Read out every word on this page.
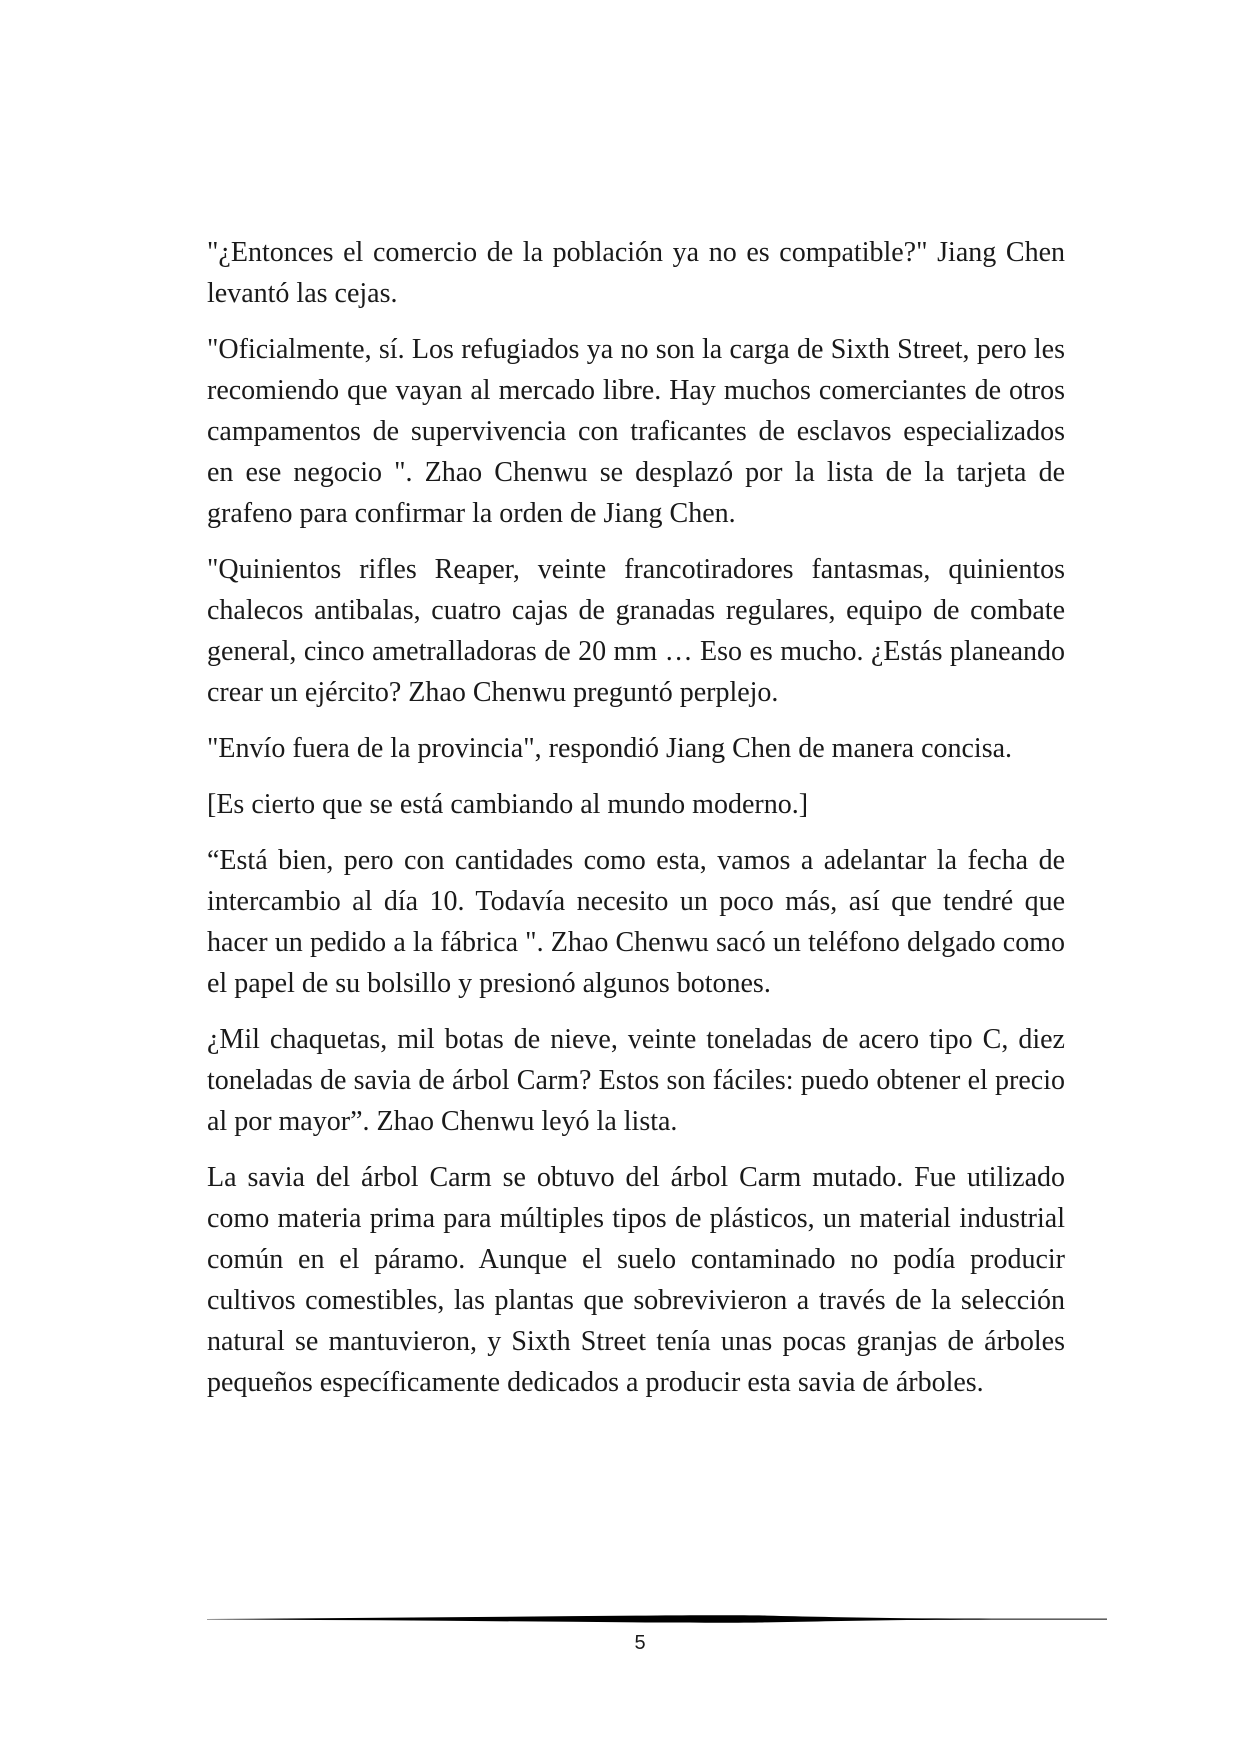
"¿Entonces el comercio de la población ya no es compatible?" Jiang Chen levantó las cejas.

"Oficialmente, sí. Los refugiados ya no son la carga de Sixth Street, pero les recomiendo que vayan al mercado libre. Hay muchos comerciantes de otros campamentos de supervivencia con traficantes de esclavos especializados en ese negocio ". Zhao Chenwu se desplazó por la lista de la tarjeta de grafeno para confirmar la orden de Jiang Chen.

"Quinientos rifles Reaper, veinte francotiradores fantasmas, quinientos chalecos antibalas, cuatro cajas de granadas regulares, equipo de combate general, cinco ametralladoras de 20 mm … Eso es mucho. ¿Estás planeando crear un ejército? Zhao Chenwu preguntó perplejo.

"Envío fuera de la provincia", respondió Jiang Chen de manera concisa.

[Es cierto que se está cambiando al mundo moderno.]

“Está bien, pero con cantidades como esta, vamos a adelantar la fecha de intercambio al día 10. Todavía necesito un poco más, así que tendré que hacer un pedido a la fábrica ". Zhao Chenwu sacó un teléfono delgado como el papel de su bolsillo y presionó algunos botones.

¿Mil chaquetas, mil botas de nieve, veinte toneladas de acero tipo C, diez toneladas de savia de árbol Carm? Estos son fáciles: puedo obtener el precio al por mayor”. Zhao Chenwu leyó la lista.

La savia del árbol Carm se obtuvo del árbol Carm mutado. Fue utilizado como materia prima para múltiples tipos de plásticos, un material industrial común en el páramo. Aunque el suelo contaminado no podía producir cultivos comestibles, las plantas que sobrevivieron a través de la selección natural se mantuvieron, y Sixth Street tenía unas pocas granjas de árboles pequeños específicamente dedicados a producir esta savia de árboles.

5
